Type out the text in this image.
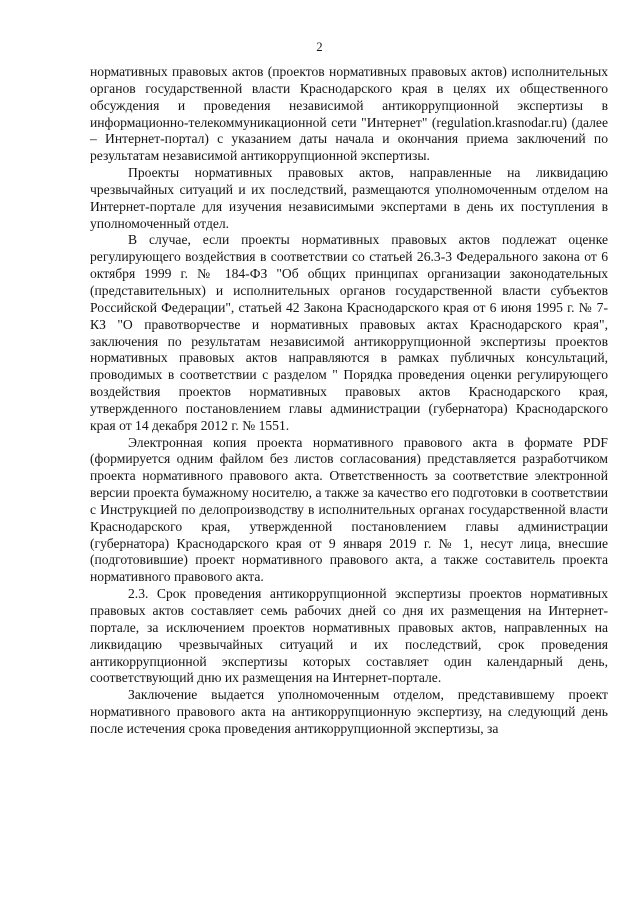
2

нормативных правовых актов (проектов нормативных правовых актов) исполнительных органов государственной власти Краснодарского края в целях их общественного обсуждения и проведения независимой антикоррупционной экспертизы в информационно-телекоммуникационной сети "Интернет" (regulation.krasnodar.ru) (далее – Интернет-портал) с указанием даты начала и окончания приема заключений по результатам независимой антикоррупционной экспертизы.

Проекты нормативных правовых актов, направленные на ликвидацию чрезвычайных ситуаций и их последствий, размещаются уполномоченным отделом на Интернет-портале для изучения независимыми экспертами в день их поступления в уполномоченный отдел.

В случае, если проекты нормативных правовых актов подлежат оценке регулирующего воздействия в соответствии со статьей 26.3-3 Федерального закона от 6 октября 1999 г. № 184-ФЗ "Об общих принципах организации законодательных (представительных) и исполнительных органов государственной власти субъектов Российской Федерации", статьей 42 Закона Краснодарского края от 6 июня 1995 г. № 7-КЗ "О правотворчестве и нормативных правовых актах Краснодарского края", заключения по результатам независимой антикоррупционной экспертизы проектов нормативных правовых актов направляются в рамках публичных консультаций, проводимых в соответствии с разделом " Порядка проведения оценки регулирующего воздействия проектов нормативных правовых актов Краснодарского края, утвержденного постановлением главы администрации (губернатора) Краснодарского края от 14 декабря 2012 г. № 1551.

Электронная копия проекта нормативного правового акта в формате PDF (формируется одним файлом без листов согласования) представляется разработчиком проекта нормативного правового акта. Ответственность за соответствие электронной версии проекта бумажному носителю, а также за качество его подготовки в соответствии с Инструкцией по делопроизводству в исполнительных органах государственной власти Краснодарского края, утвержденной постановлением главы администрации (губернатора) Краснодарского края от 9 января 2019 г. № 1, несут лица, внесшие (подготовившие) проект нормативного правового акта, а также составитель проекта нормативного правового акта.

2.3. Срок проведения антикоррупционной экспертизы проектов нормативных правовых актов составляет семь рабочих дней со дня их размещения на Интернет-портале, за исключением проектов нормативных правовых актов, направленных на ликвидацию чрезвычайных ситуаций и их последствий, срок проведения антикоррупционной экспертизы которых составляет один календарный день, соответствующий дню их размещения на Интернет-портале.

Заключение выдается уполномоченным отделом, представившему проект нормативного правового акта на антикоррупционную экспертизу, на следующий день после истечения срока проведения антикоррупционной экспертизы, за
